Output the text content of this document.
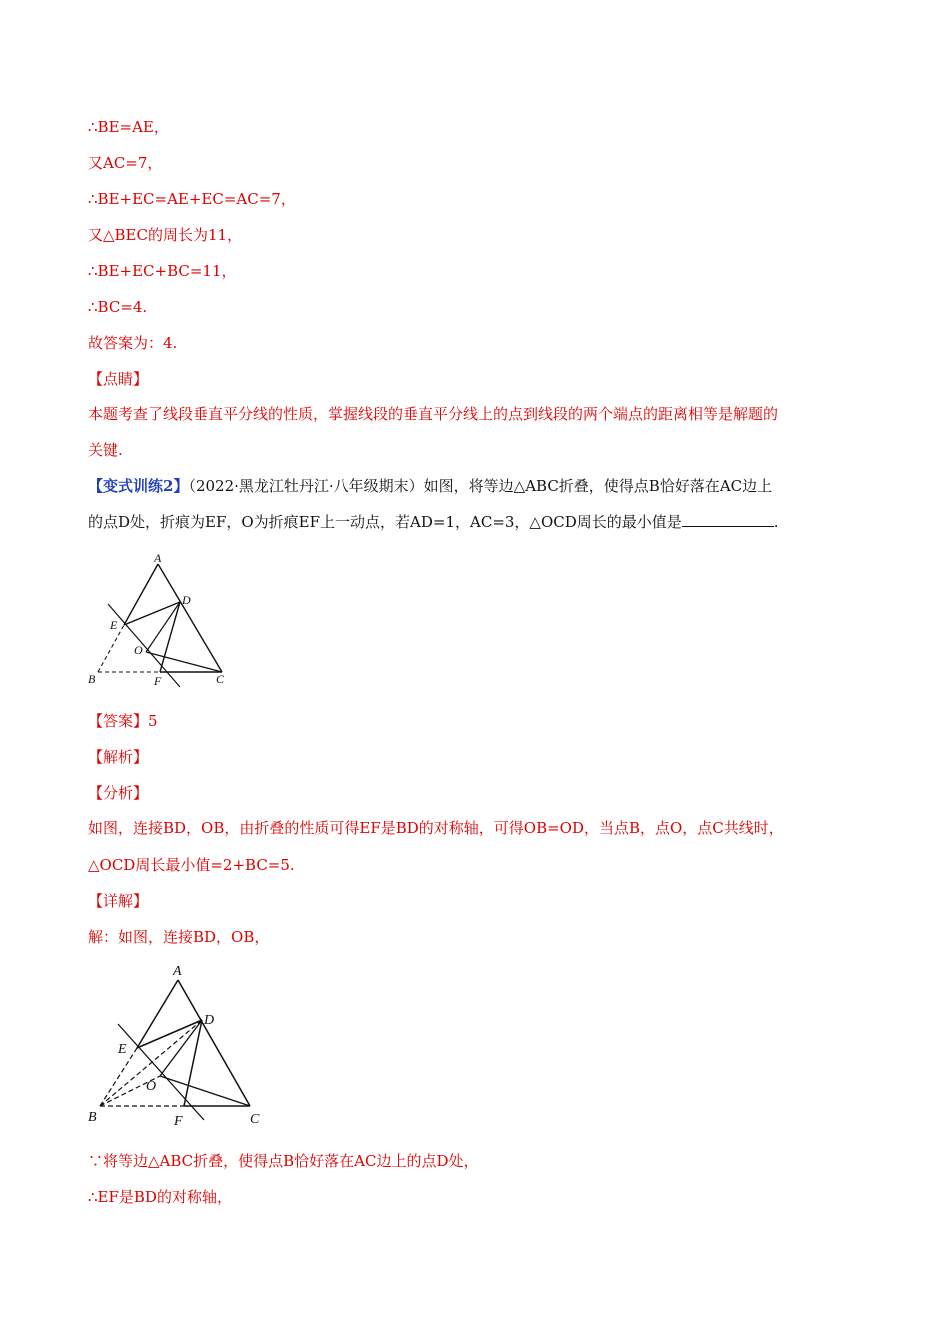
∴BE=AE，
又AC=7，
∴BE+EC=AE+EC=AC=7，
又△BEC的周长为11，
∴BE+EC+BC=11，
∴BC=4.
故答案为：4.
【点睛】
本题考查了线段垂直平分线的性质，掌握线段的垂直平分线上的点到线段的两个端点的距离相等是解题的
关键.
【变式训练2】（2022·黑龙江牡丹江·八年级期末）如图，将等边△ABC折叠，使得点B恰好落在AC边上
的点D处，折痕为EF，O为折痕EF上一动点，若AD=1，AC=3，△OCD周长的最小值是	.
A
D
E
O
B	F	C
【答案】5
【解析】
【分析】
如图，连接BD，OB，由折叠的性质可得EF是BD的对称轴，可得OB=OD，当点B，点O，点C共线时，
△OCD周长最小值=2+BC=5.
【详解】
解：如图，连接BD，OB，
A
D
E
O
B	F	C
∵将等边△ABC折叠，使得点B恰好落在AC边上的点D处，
∴EF是BD的对称轴，
